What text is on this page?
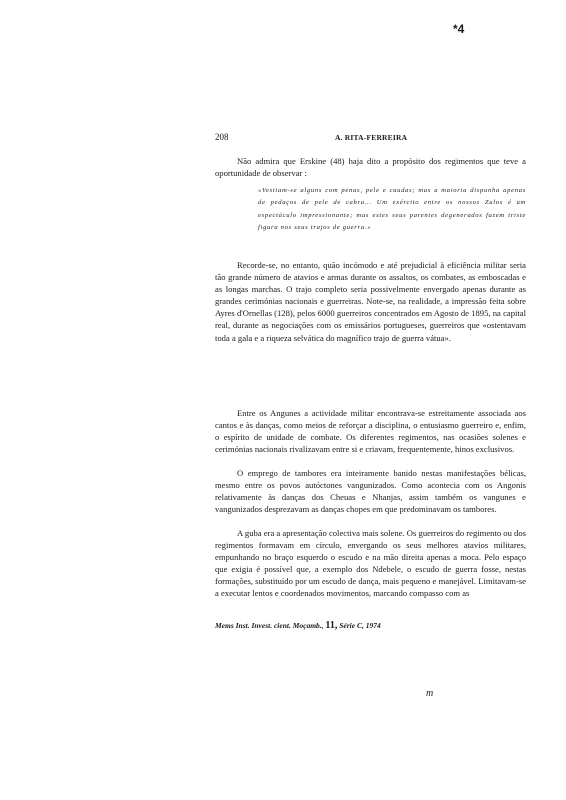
*4
208	A. RITA-FERREIRA

Não admira que Erskine (48) haja dito a propósito dos regimentos que teve a oportunidade de observar :

«Vestiam-se alguns com penas, pele e caudas; mas a maioria dispunha apenas de pedaços de pele de cabra... Um exército entre os nossos Zulos é um espectáculo impressionante; mas estes seus parentes degenerados fazem triste figura nos seus trajos de guerra.»

Recorde-se, no entanto, quão incómodo e até prejudicial à eficiência militar seria tão grande número de atavios e armas durante os assaltos, os combates, as emboscadas e as longas marchas. O trajo completo seria possivelmente envergado apenas durante as grandes cerimónias nacionais e guerreiras. Note-se, na realidade, a impressão feita sobre Ayres d'Ornellas (128), pelos 6000 guerreiros concentrados em Agosto de 1895, na capital real, durante as negociações com os emissários portugueses, guerreiros que «ostentavam toda a gala e a riqueza selvática do magnífico trajo de guerra vátua».

Entre os Angunes a actividade militar encontrava-se estreitamente associada aos cantos e às danças, como meios de reforçar a disciplina, o entusiasmo guerreiro e, enfim, o espírito de unidade de combate. Os diferentes regimentos, nas ocasiões solenes e cerimónias nacionais rivalizavam entre si e criavam, frequentemente, hinos exclusivos.

O emprego de tambores era inteiramente banido nestas manifestações bélicas, mesmo entre os povos autóctones vangunizados. Como acontecia com os Angonis relativamente às danças dos Cheuas e Nhanjas, assim também os vangunes e vangunizados desprezavam as danças chopes em que predominavam os tambores.

A guba era a apresentação colectiva mais solene. Os guerreiros do regimento ou dos regimentos formavam em círculo, envergando os seus melhores atavios militares, empunhando no braço esquerdo o escudo e na mão direita apenas a moca. Pelo espaço que exigia é possível que, a exemplo dos Ndebele, o escudo de guerra fosse, nestas formações, substituído por um escudo de dança, mais pequeno e manejável. Limitavam-se a executar lentos e coordenados movimentos, marcando compasso com as

Mems Inst. Invest. cient. Moçamb., 11, Série C, 1974
m
